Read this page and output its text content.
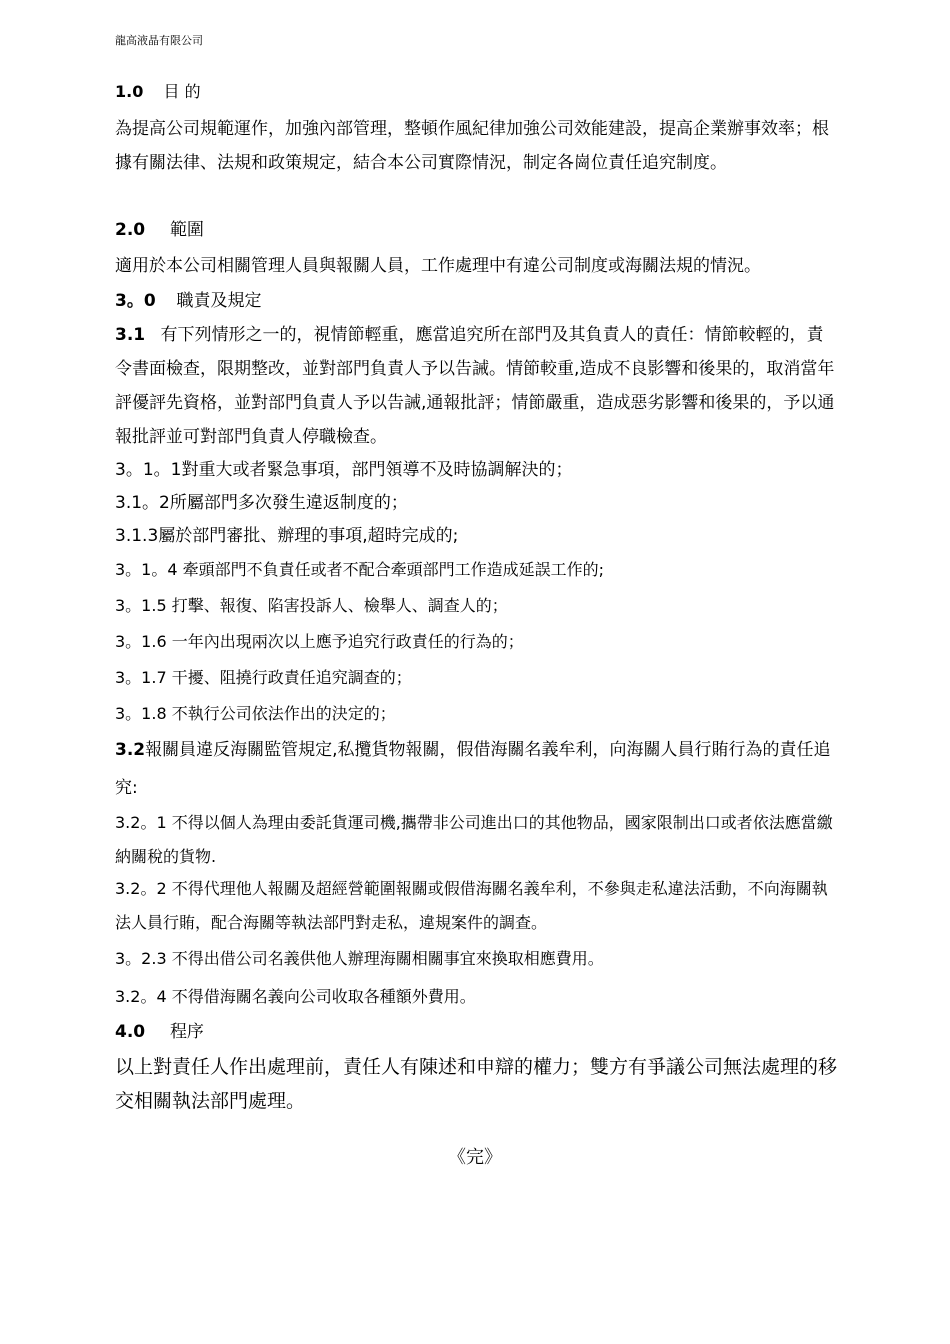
龍高液晶有限公司
1.0 目 的
為提高公司規範運作，加強內部管理，整頓作風紀律加強公司效能建設，提高企業辦事效率；根據有關法律、法規和政策規定，結合本公司實際情況，制定各崗位責任追究制度。
2.0 範圍
適用於本公司相關管理人員與報關人員，工作處理中有違公司制度或海關法規的情況。
3。0 職責及規定
3.1 有下列情形之一的，視情節輕重，應當追究所在部門及其負責人的責任：情節較輕的，責令書面檢查，限期整改，並對部門負責人予以告誡。情節較重,造成不良影響和後果的，取消當年評優評先資格，並對部門負責人予以告誡,通報批評；情節嚴重，造成惡劣影響和後果的，予以通報批評並可對部門負責人停職檢查。
3。1。1對重大或者緊急事項，部門領導不及時協調解決的；
3.1。2所屬部門多次發生違返制度的；
3.1.3屬於部門審批、辦理的事項,超時完成的;
3。1。4 牽頭部門不負責任或者不配合牽頭部門工作造成延誤工作的;
3。1.5 打擊、報復、陷害投訴人、檢舉人、調查人的；
3。1.6 一年內出現兩次以上應予追究行政責任的行為的；
3。1.7 干擾、阻撓行政責任追究調查的；
3。1.8 不執行公司依法作出的決定的；
3.2報關員違反海關監管規定,私攬貨物報關，假借海關名義牟利，向海關人員行賄行為的責任追究:
3.2。1 不得以個人為理由委託貨運司機,攜帶非公司進出口的其他物品，國家限制出口或者依法應當繳納關稅的貨物.
3.2。2 不得代理他人報關及超經營範圍報關或假借海關名義牟利，不參與走私違法活動，不向海關執法人員行賄，配合海關等執法部門對走私，違規案件的調查。
3。2.3 不得出借公司名義供他人辦理海關相關事宜來換取相應費用。
3.2。4 不得借海關名義向公司收取各種額外費用。
4.0 程序
以上對責任人作出處理前，責任人有陳述和申辯的權力；雙方有爭議公司無法處理的移交相關執法部門處理。
《完》
